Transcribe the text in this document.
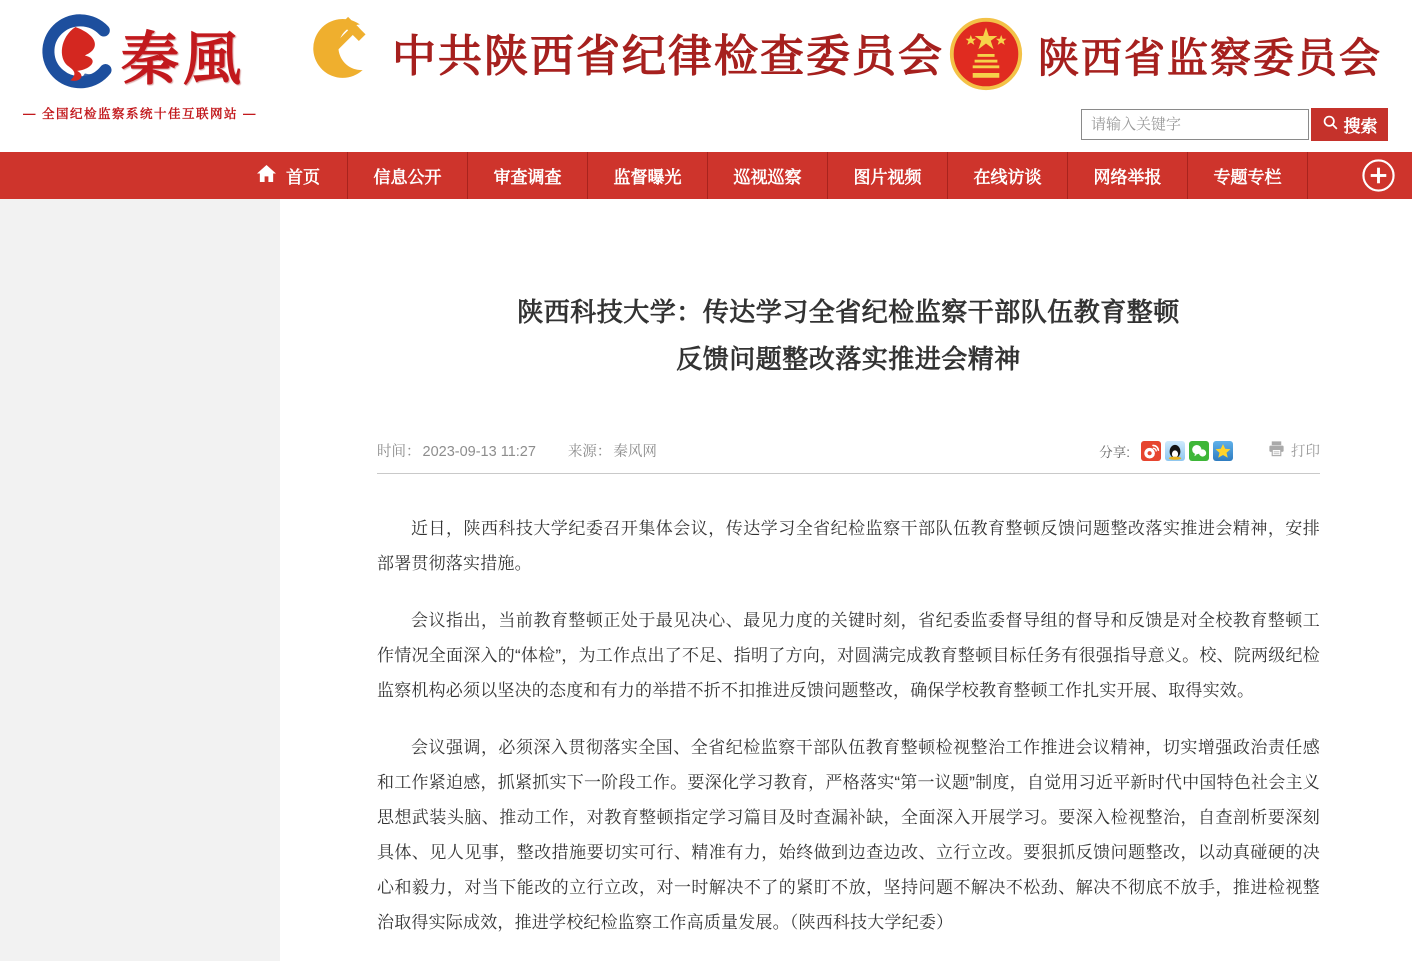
秦風
— 全国纪检监察系统十佳互联网站 —
中共陕西省纪律检查委员会 陕西省监察委员会
请输入关键字
搜索
首页	信息公开	审查调查	监督曝光	巡视巡察	图片视频	在线访谈	网络举报	专题专栏
陕西科技大学：传达学习全省纪检监察干部队伍教育整顿
反馈问题整改落实推进会精神
时间： 2023-09-13 11:27 来源： 秦风网	分享:	打印

近日，陕西科技大学纪委召开集体会议，传达学习全省纪检监察干部队伍教育整顿反馈问题整改落实推进会精神，安排部署贯彻落实措施。

会议指出，当前教育整顿正处于最见决心、最见力度的关键时刻，省纪委监委督导组的督导和反馈是对全校教育整顿工作情况全面深入的“体检”，为工作点出了不足、指明了方向，对圆满完成教育整顿目标任务有很强指导意义。校、院两级纪检监察机构必须以坚决的态度和有力的举措不折不扣推进反馈问题整改，确保学校教育整顿工作扎实开展、取得实效。

会议强调，必须深入贯彻落实全国、全省纪检监察干部队伍教育整顿检视整治工作推进会议精神，切实增强政治责任感和工作紧迫感，抓紧抓实下一阶段工作。要深化学习教育，严格落实“第一议题”制度，自觉用习近平新时代中国特色社会主义思想武装头脑、推动工作，对教育整顿指定学习篇目及时查漏补缺，全面深入开展学习。要深入检视整治，自查剖析要深刻具体、见人见事，整改措施要切实可行、精准有力，始终做到边查边改、立行立改。要狠抓反馈问题整改，以动真碰硬的决心和毅力，对当下能改的立行立改，对一时解决不了的紧盯不放，坚持问题不解决不松劲、解决不彻底不放手，推进检视整治取得实际成效，推进学校纪检监察工作高质量发展。（陕西科技大学纪委）
